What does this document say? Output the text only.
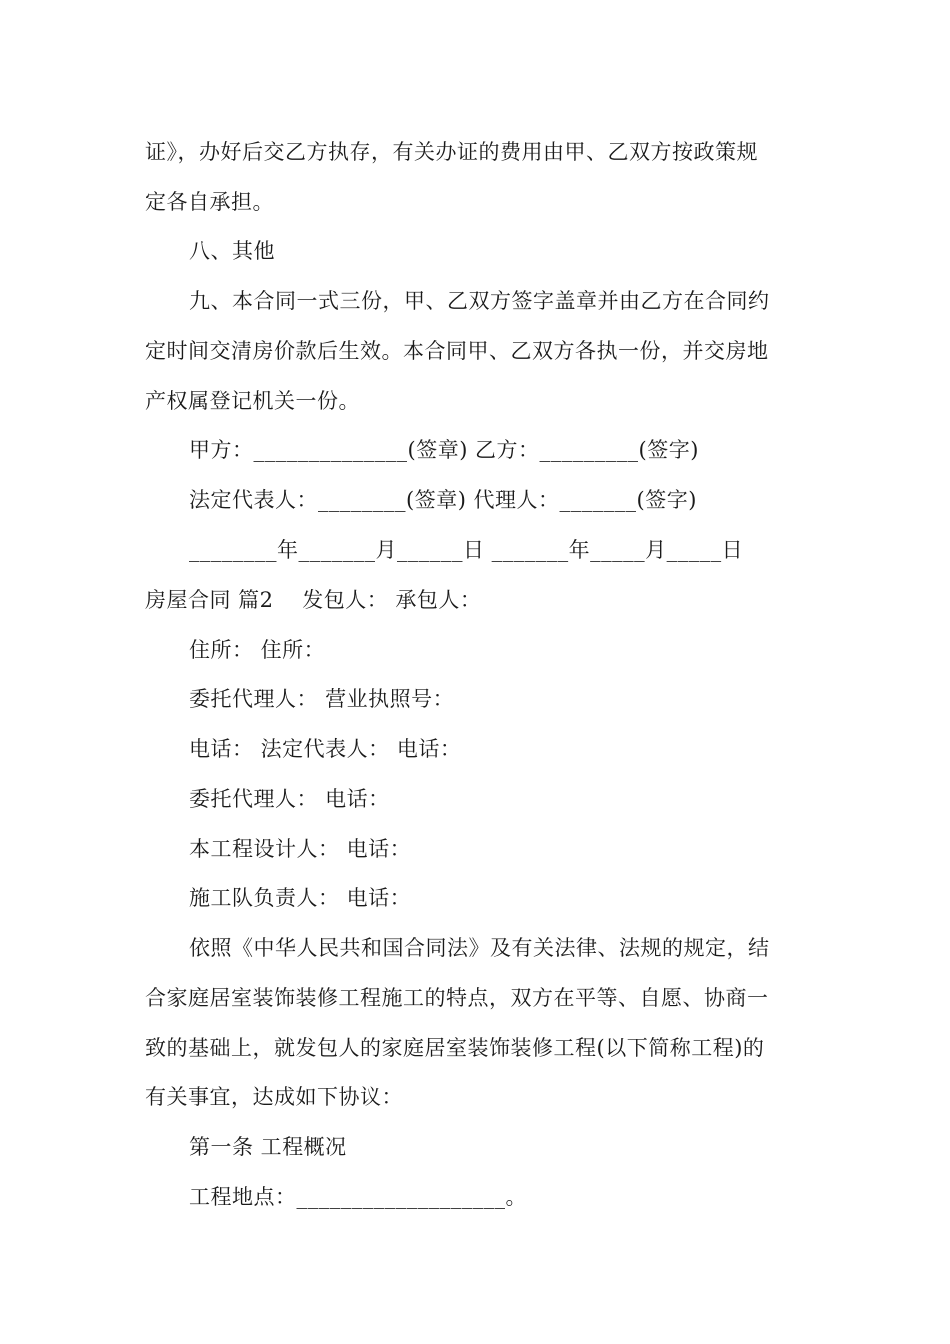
证》，办好后交乙方执存，有关办证的费用由甲、乙双方按政策规
定各自承担。
八、其他
九、本合同一式三份，甲、乙双方签字盖章并由乙方在合同约
定时间交清房价款后生效。本合同甲、乙双方各执一份，并交房地
产权属登记机关一份。
甲方：______________(签章) 乙方：_________(签字)
法定代表人：________(签章) 代理人：_______(签字)
________年_______月______日 _______年_____月_____日
房屋合同 篇2    发包人： 承包人：
住所： 住所：
委托代理人： 营业执照号：
电话： 法定代表人： 电话：
委托代理人： 电话：
本工程设计人： 电话：
施工队负责人： 电话：
依照《中华人民共和国合同法》及有关法律、法规的规定，结
合家庭居室装饰装修工程施工的特点，双方在平等、自愿、协商一
致的基础上，就发包人的家庭居室装饰装修工程(以下简称工程)的
有关事宜，达成如下协议：
第一条 工程概况
工程地点：___________________。
